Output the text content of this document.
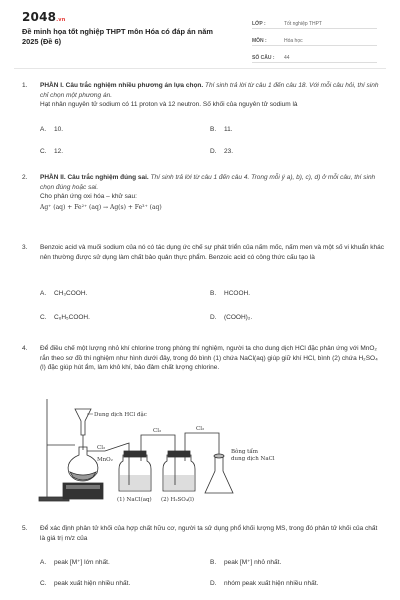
2048.vn
Đề minh họa tốt nghiệp THPT môn Hóa có đáp án năm 2025 (Đề 6)
LỚP :	Tốt nghiệp THPT
MÔN :	Hóa học
SỐ CÂU :	44
1.	PHẦN I. Câu trắc nghiệm nhiều phương án lựa chọn. Thí sinh trả lời từ câu 1 đến câu 18. Với mỗi câu hỏi, thí sinh chỉ chọn một phương án.
Hạt nhân nguyên tử sodium có 11 proton và 12 neutron. Số khối của nguyên tử sodium là
A. 10.	B. 11.
C. 12.	D. 23.
2.	PHẦN II. Câu trắc nghiệm đúng sai. Thí sinh trả lời từ câu 1 đến câu 4. Trong mỗi ý a), b), c), d) ở mỗi câu, thí sinh chọn đúng hoặc sai.
Cho phản ứng oxi hóa – khử sau:
Ag⁺ (aq) + Fe²⁺ (aq) → Ag(s) + Fe³⁺ (aq)
3.	Benzoic acid và muối sodium của nó có tác dụng ức chế sự phát triển của nấm mốc, nấm men và một số vi khuẩn khác nên thường được sử dụng làm chất bảo quản thực phẩm. Benzoic acid có công thức cấu tạo là
A. CH₃COOH.	B. HCOOH.
C. C₆H₅COOH.	D. (COOH)₂.
4.	Để điều chế một lượng nhỏ khí chlorine trong phòng thí nghiệm, người ta cho dung dịch HCl đặc phản ứng với MnO₂ rắn theo sơ đồ thí nghiệm như hình dưới đây, trong đó bình (1) chứa NaCl(aq) giúp giữ khí HCl, bình (2) chứa H₂SO₄ (l) đặc giúp hút ẩm, làm khô khí, bảo đảm chất lượng chlorine.
Dung dịch HCl đặc
Cl₂
Cl₂	Cl₂
MnO₂
(1) NaCl(aq) (2) H₂SO₄(l)
Bông tẩm dung dịch NaCl
5.	Để xác định phân tử khối của hợp chất hữu cơ, người ta sử dụng phổ khối lượng MS, trong đó phân tử khối của chất là giá trị m/z của
A. peak [M⁺] lớn nhất.	B. peak [M⁺] nhỏ nhất.
C. peak xuất hiện nhiều nhất.	D. nhóm peak xuất hiện nhiều nhất.
